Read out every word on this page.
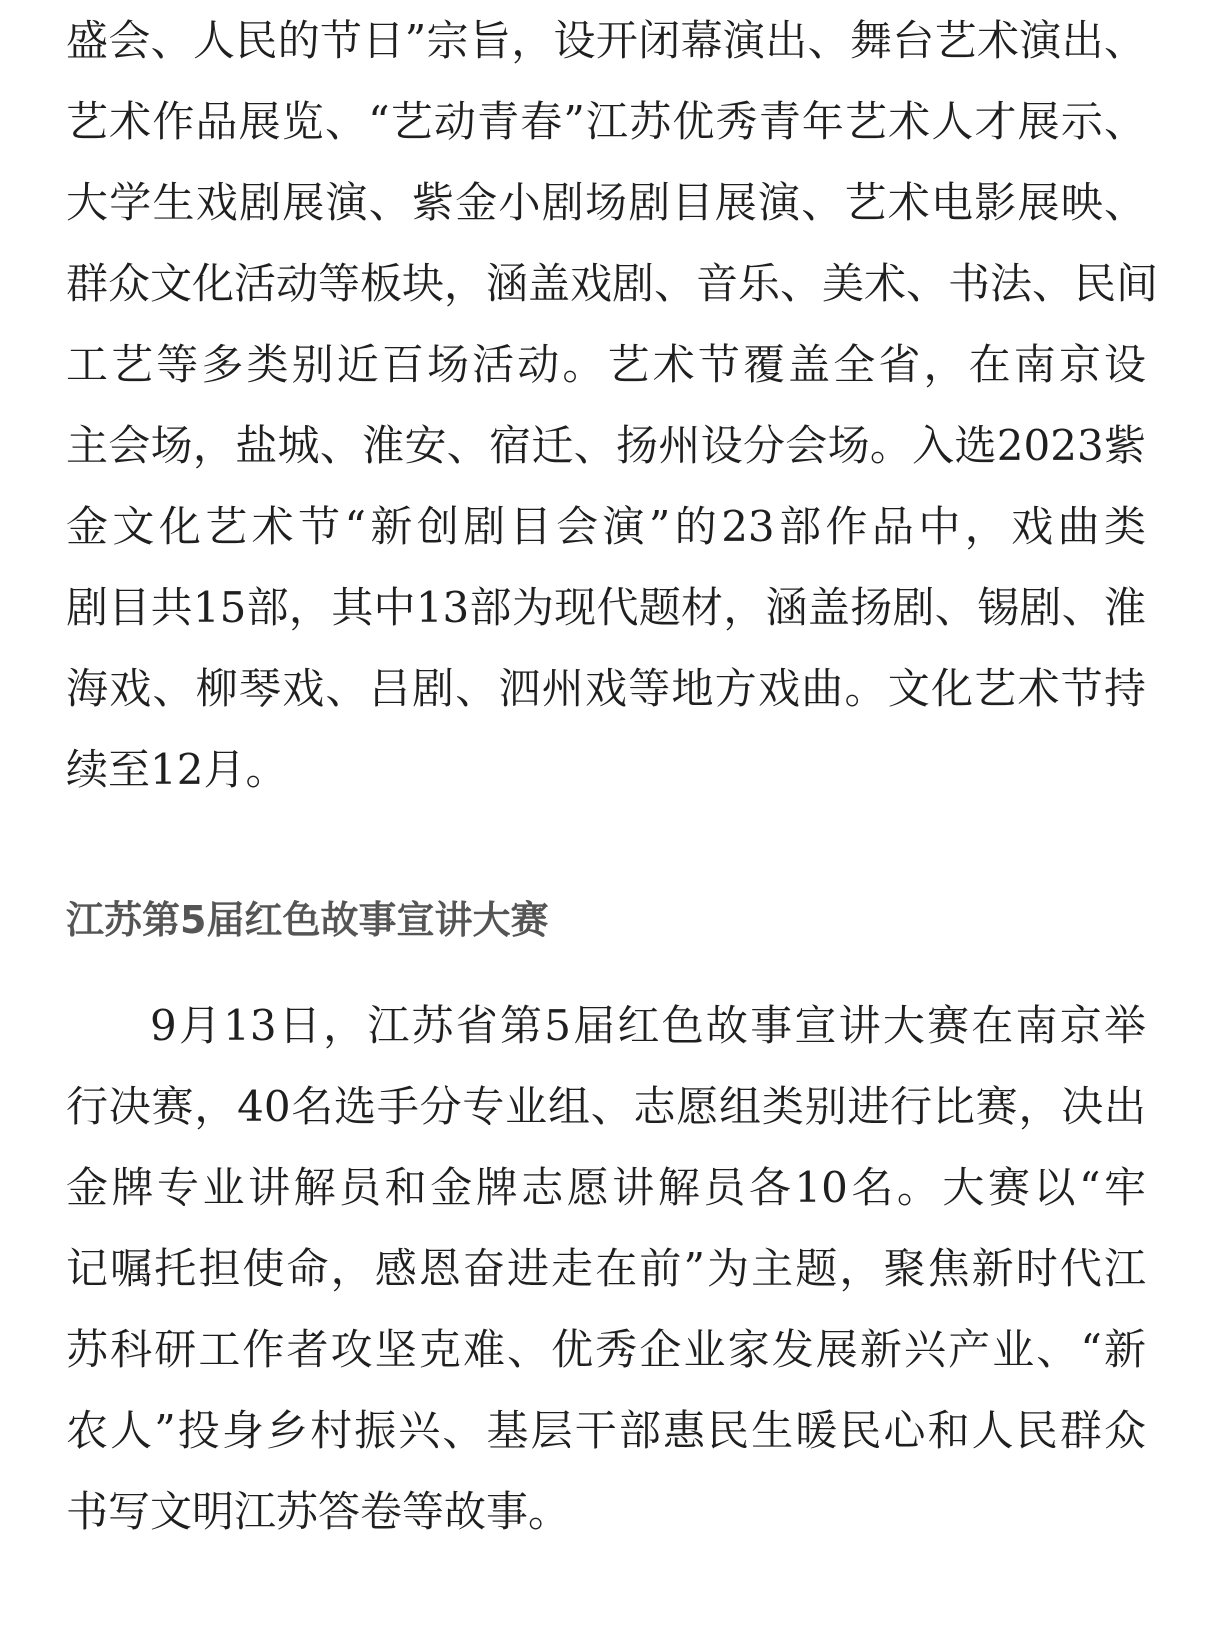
盛会、人民的节日”宗旨，设开闭幕演出、舞台艺术演出、
艺术作品展览、“艺动青春”江苏优秀青年艺术人才展示、
大学生戏剧展演、紫金小剧场剧目展演、艺术电影展映、
群众文化活动等板块，涵盖戏剧、音乐、美术、书法、民间
工艺等多类别近百场活动。艺术节覆盖全省，在南京设
主会场，盐城、淮安、宿迁、扬州设分会场。入选2023紫
金文化艺术节“新创剧目会演”的23部作品中，戏曲类
剧目共15部，其中13部为现代题材，涵盖扬剧、锡剧、淮
海戏、柳琴戏、吕剧、泗州戏等地方戏曲。文化艺术节持
续至12月。
江苏第5届红色故事宣讲大赛
9月13日，江苏省第5届红色故事宣讲大赛在南京举
行决赛，40名选手分专业组、志愿组类别进行比赛，决出
金牌专业讲解员和金牌志愿讲解员各10名。大赛以“牢
记嘱托担使命，感恩奋进走在前”为主题，聚焦新时代江
苏科研工作者攻坚克难、优秀企业家发展新兴产业、“新
农人”投身乡村振兴、基层干部惠民生暖民心和人民群众
书写文明江苏答卷等故事。
